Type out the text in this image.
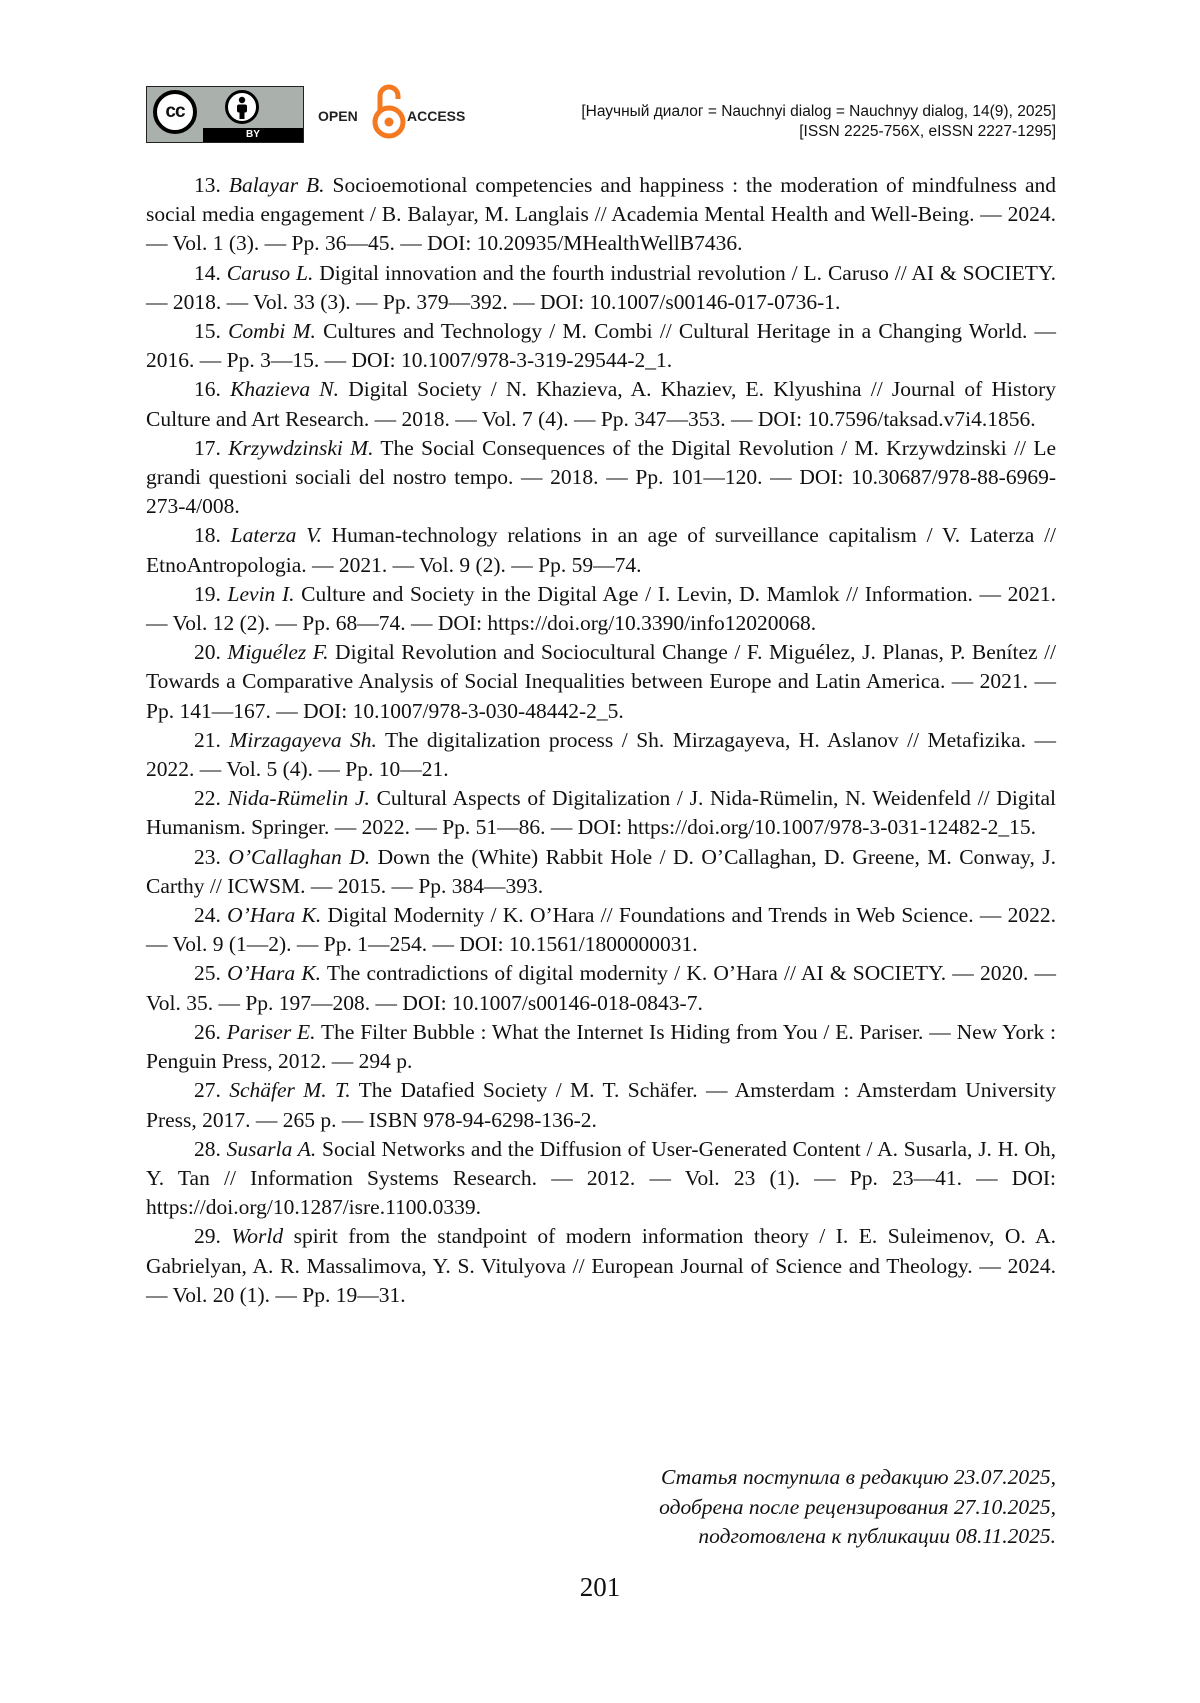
cc
BY
OPEN	ACCESS	[Научный диалог = Nauchnyi dialog = Nauchnyy dialog, 14(9), 2025]
[ISSN 2225-756X, eISSN 2227-1295]

13. Balayar B. Socioemotional competencies and happiness : the moderation of mindfulness and social media engagement / B. Balayar, M. Langlais // Academia Mental Health and Well-Being. — 2024. — Vol. 1 (3). — Pp. 36—45. — DOI: 10.20935/MHealthWellB7436.

14. Caruso L. Digital innovation and the fourth industrial revolution / L. Caruso // AI & SOCIETY. — 2018. — Vol. 33 (3). — Pp. 379—392. — DOI: 10.1007/s00146-017-0736-1.

15. Combi M. Cultures and Technology / M. Combi // Cultural Heritage in a Changing World. — 2016. — Pp. 3—15. — DOI: 10.1007/978-3-319-29544-2_1.

16. Khazieva N. Digital Society / N. Khazieva, A. Khaziev, E. Klyushina // Journal of History Culture and Art Research. — 2018. — Vol. 7 (4). — Pp. 347—353. — DOI: 10.7596/taksad.v7i4.1856.

17. Krzywdzinski M. The Social Consequences of the Digital Revolution / M. Krzywdzinski // Le grandi questioni sociali del nostro tempo. — 2018. — Pp. 101—120. — DOI: 10.30687/978-88-6969-273-4/008.

18. Laterza V. Human-technology relations in an age of surveillance capitalism / V. Laterza // EtnoAntropologia. — 2021. — Vol. 9 (2). — Pp. 59—74.

19. Levin I. Culture and Society in the Digital Age / I. Levin, D. Mamlok // Information. — 2021. — Vol. 12 (2). — Pp. 68—74. — DOI: https://doi.org/10.3390/info12020068.

20. Miguélez F. Digital Revolution and Sociocultural Change / F. Miguélez, J. Planas, P. Benítez // Towards a Comparative Analysis of Social Inequalities between Europe and Latin America. — 2021. — Pp. 141—167. — DOI: 10.1007/978-3-030-48442-2_5.

21. Mirzagayeva Sh. The digitalization process / Sh. Mirzagayeva, H. Aslanov // Metafizika. — 2022. — Vol. 5 (4). — Pp. 10—21.

22. Nida-Rümelin J. Cultural Aspects of Digitalization / J. Nida-Rümelin, N. Weidenfeld // Digital Humanism. Springer. — 2022. — Pp. 51—86. — DOI: https://doi.org/10.1007/978-3-031-12482-2_15.

23. O’Callaghan D. Down the (White) Rabbit Hole / D. O’Callaghan, D. Greene, M. Conway, J. Carthy // ICWSM. — 2015. — Pp. 384—393.

24. O’Hara K. Digital Modernity / K. O’Hara // Foundations and Trends in Web Science. — 2022. — Vol. 9 (1—2). — Pp. 1—254. — DOI: 10.1561/1800000031.

25. O’Hara K. The contradictions of digital modernity / K. O’Hara // AI & SOCIETY. — 2020. — Vol. 35. — Pp. 197—208. — DOI: 10.1007/s00146-018-0843-7.

26. Pariser E. The Filter Bubble : What the Internet Is Hiding from You / E. Pariser. — New York : Penguin Press, 2012. — 294 p.

27. Schäfer M. T. The Datafied Society / M. T. Schäfer. — Amsterdam : Amsterdam University Press, 2017. — 265 p. — ISBN 978-94-6298-136-2.

28. Susarla A. Social Networks and the Diffusion of User-Generated Content / A. Susarla, J. H. Oh, Y. Tan // Information Systems Research. — 2012. — Vol. 23 (1). — Pp. 23—41. — DOI: https://doi.org/10.1287/isre.1100.0339.

29. World spirit from the standpoint of modern information theory / I. E. Suleimenov, O. A. Gabrielyan, A. R. Massalimova, Y. S. Vitulyova // European Journal of Science and Theology. — 2024. — Vol. 20 (1). — Pp. 19—31.

Статья поступила в редакцию 23.07.2025,
одобрена после рецензирования 27.10.2025,
подготовлена к публикации 08.11.2025.
201
